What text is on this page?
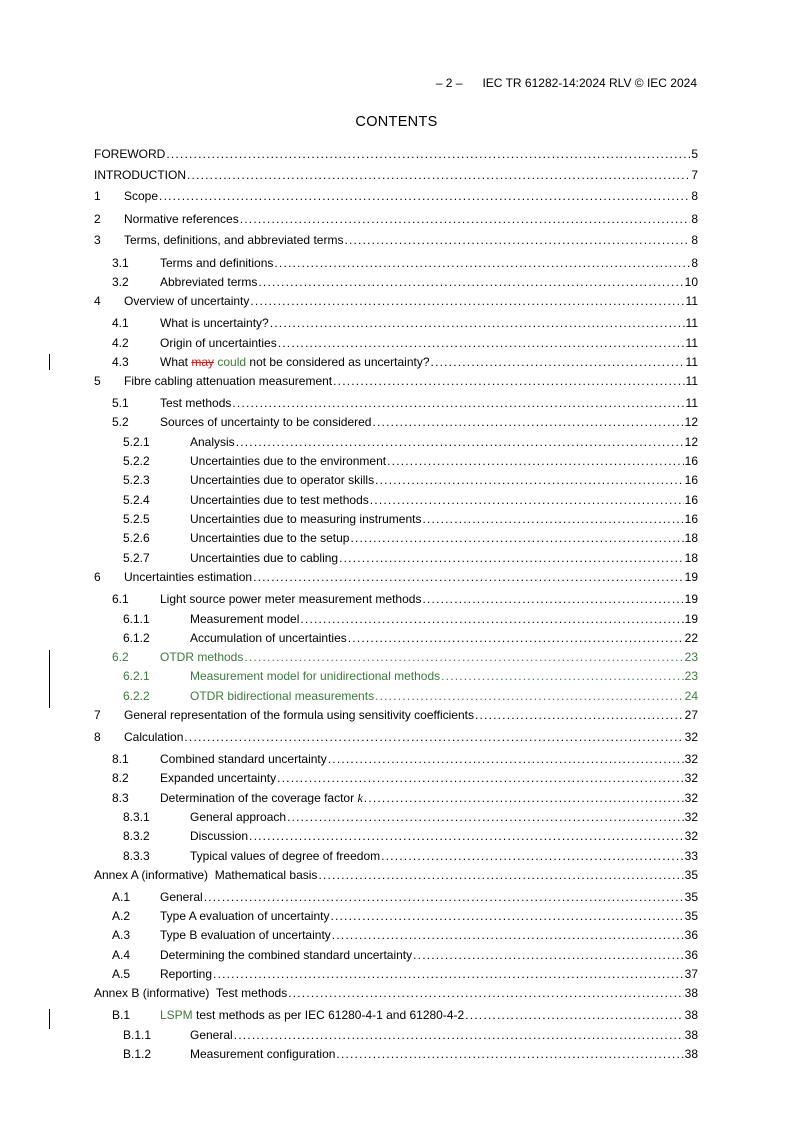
– 2 – IEC TR 61282-14:2024 RLV © IEC 2024
CONTENTS
FOREWORD .....	5
INTRODUCTION .....	7
1	Scope .....	8
2	Normative references .....	8
3	Terms, definitions, and abbreviated terms .....	8
3.1	Terms and definitions .....	8
3.2	Abbreviated terms .....	10
4	Overview of uncertainty .....	11
4.1	What is uncertainty? .....	11
4.2	Origin of uncertainties .....	11
4.3	What may could not be considered as uncertainty? .....	11
5	Fibre cabling attenuation measurement .....	11
5.1	Test methods .....	11
5.2	Sources of uncertainty to be considered .....	12
5.2.1	Analysis .....	12
5.2.2	Uncertainties due to the environment .....	16
5.2.3	Uncertainties due to operator skills .....	16
5.2.4	Uncertainties due to test methods .....	16
5.2.5	Uncertainties due to measuring instruments .....	16
5.2.6	Uncertainties due to the setup .....	18
5.2.7	Uncertainties due to cabling .....	18
6	Uncertainties estimation .....	19
6.1	Light source power meter measurement methods .....	19
6.1.1	Measurement model .....	19
6.1.2	Accumulation of uncertainties .....	22
6.2	OTDR methods .....	23
6.2.1	Measurement model for unidirectional methods .....	23
6.2.2	OTDR bidirectional measurements .....	24
7	General representation of the formula using sensitivity coefficients .....	27
8	Calculation .....	32
8.1	Combined standard uncertainty .....	32
8.2	Expanded uncertainty .....	32
8.3	Determination of the coverage factor k .....	32
8.3.1	General approach .....	32
8.3.2	Discussion .....	32
8.3.3	Typical values of degree of freedom .....	33
Annex A (informative)  Mathematical basis .....	35
A.1	General .....	35
A.2	Type A evaluation of uncertainty .....	35
A.3	Type B evaluation of uncertainty .....	36
A.4	Determining the combined standard uncertainty .....	36
A.5	Reporting .....	37
Annex B (informative)  Test methods .....	38
B.1	LSPM test methods as per IEC 61280-4-1 and 61280-4-2 .....	38
B.1.1	General .....	38
B.1.2	Measurement configuration .....	38
